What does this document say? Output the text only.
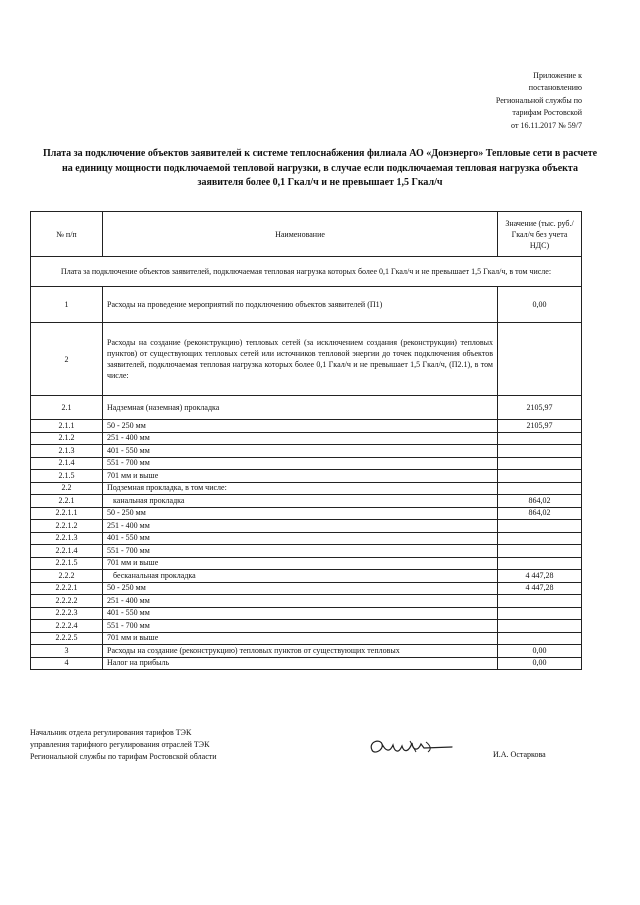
Приложение к
постановлению
Региональной службы по
тарифам Ростовской
от 16.11.2017 № 59/7
Плата за подключение объектов заявителей к системе теплоснабжения филиала АО «Донэнерго» Тепловые сети в расчете на единицу мощности подключаемой тепловой нагрузки, в случае если подключаемая тепловая нагрузка объекта заявителя более 0,1 Гкал/ч и не превышает 1,5 Гкал/ч
№ п/п	Наименование	Значение (тыс. руб./Гкал/ч без учета НДС)
Плата за подключение объектов заявителей, подключаемая тепловая нагрузка которых более 0,1 Гкал/ч и не превышает 1,5 Гкал/ч, в том числе:		
1	Расходы на проведение мероприятий по подключению объектов заявителей (П1)	0,00
2	Расходы на создание (реконструкцию) тепловых сетей (за исключением создания (реконструкции) тепловых пунктов) от существующих тепловых сетей или источников тепловой энергии до точек подключения объектов заявителей, подключаемая тепловая нагрузка которых более 0,1 Гкал/ч и не превышает 1,5 Гкал/ч, (П2.1), в том числе:	
2.1	Надземная (наземная) прокладка	2105,97
2.1.1	50 - 250 мм	2105,97
2.1.2	251 - 400 мм	
2.1.3	401 - 550 мм	
2.1.4	551 - 700 мм	
2.1.5	701 мм и выше	
2.2	Подземная прокладка, в том числе:	
2.2.1	канальная прокладка	864,02
2.2.1.1	50 - 250 мм	864,02
2.2.1.2	251 - 400 мм	
2.2.1.3	401 - 550 мм	
2.2.1.4	551 - 700 мм	
2.2.1.5	701 мм и выше	
2.2.2	бесканальная прокладка	4 447,28
2.2.2.1	50 - 250 мм	4 447,28
2.2.2.2	251 - 400 мм	
2.2.2.3	401 - 550 мм	
2.2.2.4	551 - 700 мм	
2.2.2.5	701 мм и выше	
3	Расходы на создание (реконструкцию) тепловых пунктов от существующих тепловых	0,00
4	Налог на прибыль	0,00
Начальник отдела регулирования тарифов ТЭК
управления тарифного регулирования отраслей ТЭК
Региональной службы по тарифам Ростовской области	И.А. Остаркова
